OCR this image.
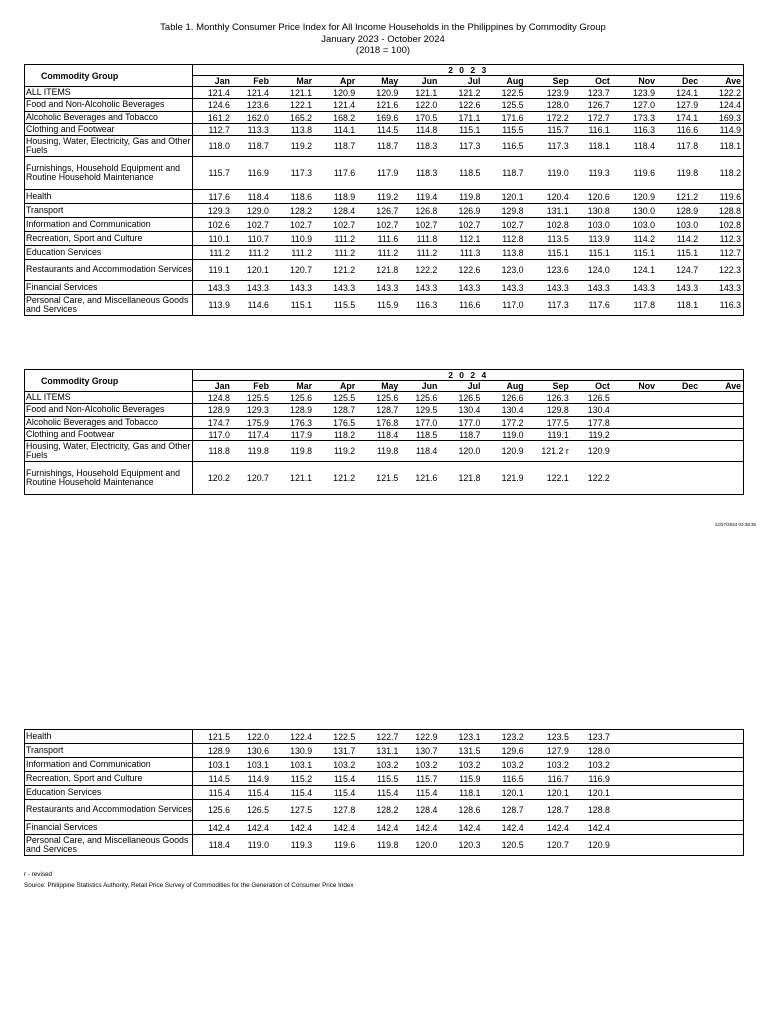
Table 1. Monthly Consumer Price Index for All Income Households in the Philippines by Commodity Group
January 2023 - October 2024
(2018 = 100)
Commodity Group	2 0 2 3												
	Jan	Feb	Mar	Apr	May	Jun	Jul	Aug	Sep	Oct	Nov	Dec	Ave
ALL ITEMS	121.4	121.4	121.1	120.9	120.9	121.1	121.2	122.5	123.9	123.7	123.9	124.1	122.2
Food and Non-Alcoholic Beverages	124.6	123.6	122.1	121.4	121.6	122.0	122.6	125.5	128.0	126.7	127.0	127.9	124.4
Alcoholic Beverages and Tobacco	161.2	162.0	165.2	168.2	169.6	170.5	171.1	171.6	172.2	172.7	173.3	174.1	169.3
Clothing and Footwear	112.7	113.3	113.8	114.1	114.5	114.8	115.1	115.5	115.7	116.1	116.3	116.6	114.9
Housing, Water, Electricity, Gas and Other Fuels	118.0	118.7	119.2	118.7	118.7	118.3	117.3	116.5	117.3	118.1	118.4	117.8	118.1
Furnishings, Household Equipment and Routine Household Maintenance	115.7	116.9	117.3	117.6	117.9	118.3	118.5	118.7	119.0	119.3	119.6	119.8	118.2
Health	117.6	118.4	118.6	118.9	119.2	119.4	119.8	120.1	120.4	120.6	120.9	121.2	119.6
Transport	129.3	129.0	128.2	128.4	126.7	126.8	126.9	129.8	131.1	130.8	130.0	128.9	128.8
Information and Communication	102.6	102.7	102.7	102.7	102.7	102.7	102.7	102.7	102.8	103.0	103.0	103.0	102.8
Recreation, Sport and Culture	110.1	110.7	110.9	111.2	111.6	111.8	112.1	112.8	113.5	113.9	114.2	114.2	112.3
Education Services	111.2	111.2	111.2	111.2	111.2	111.2	111.3	113.8	115.1	115.1	115.1	115.1	112.7
Restaurants and Accommodation Services	119.1	120.1	120.7	121.2	121.8	122.2	122.6	123.0	123.6	124.0	124.1	124.7	122.3
Financial Services	143.3	143.3	143.3	143.3	143.3	143.3	143.3	143.3	143.3	143.3	143.3	143.3	143.3
Personal Care, and Miscellaneous Goods and Services	113.9	114.6	115.1	115.5	115.9	116.3	116.6	117.0	117.3	117.6	117.8	118.1	116.3
Commodity Group	2 0 2 4												
	Jan	Feb	Mar	Apr	May	Jun	Jul	Aug	Sep	Oct	Nov	Dec	Ave
ALL ITEMS	124.8	125.5	125.6	125.5	125.6	125.6	126.5	126.6	126.3	126.5			
Food and Non-Alcoholic Beverages	128.9	129.3	128.9	128.7	128.7	129.5	130.4	130.4	129.8	130.4			
Alcoholic Beverages and Tobacco	174.7	175.9	176.3	176.5	176.8	177.0	177.0	177.2	177.5	177.8			
Clothing and Footwear	117.0	117.4	117.9	118.2	118.4	118.5	118.7	119.0	119.1	119.2			
Housing, Water, Electricity, Gas and Other Fuels	118.8	119.8	119.8	119.2	119.8	118.4	120.0	120.9	121.2 r	120.9			
Furnishings, Household Equipment and Routine Household Maintenance	120.2	120.7	121.1	121.2	121.5	121.6	121.8	121.9	122.1	122.2			
12/27/2024 03:39:36
Health	121.5	122.0	122.4	122.5	122.7	122.9	123.1	123.2	123.5	123.7			
Transport	128.9	130.6	130.9	131.7	131.1	130.7	131.5	129.6	127.9	128.0			
Information and Communication	103.1	103.1	103.1	103.2	103.2	103.2	103.2	103.2	103.2	103.2			
Recreation, Sport and Culture	114.5	114.9	115.2	115.4	115.5	115.7	115.9	116.5	116.7	116.9			
Education Services	115.4	115.4	115.4	115.4	115.4	115.4	118.1	120.1	120.1	120.1			
Restaurants and Accommodation Services	125.6	126.5	127.5	127.8	128.2	128.4	128.6	128.7	128.7	128.8			
Financial Services	142.4	142.4	142.4	142.4	142.4	142.4	142.4	142.4	142.4	142.4			
Personal Care, and Miscellaneous Goods and Services	118.4	119.0	119.3	119.6	119.8	120.0	120.3	120.5	120.7	120.9			
r - revised
Source: Philippine Statistics Authority, Retail Price Survey of Commodities for the Generation of Consumer Price Index
